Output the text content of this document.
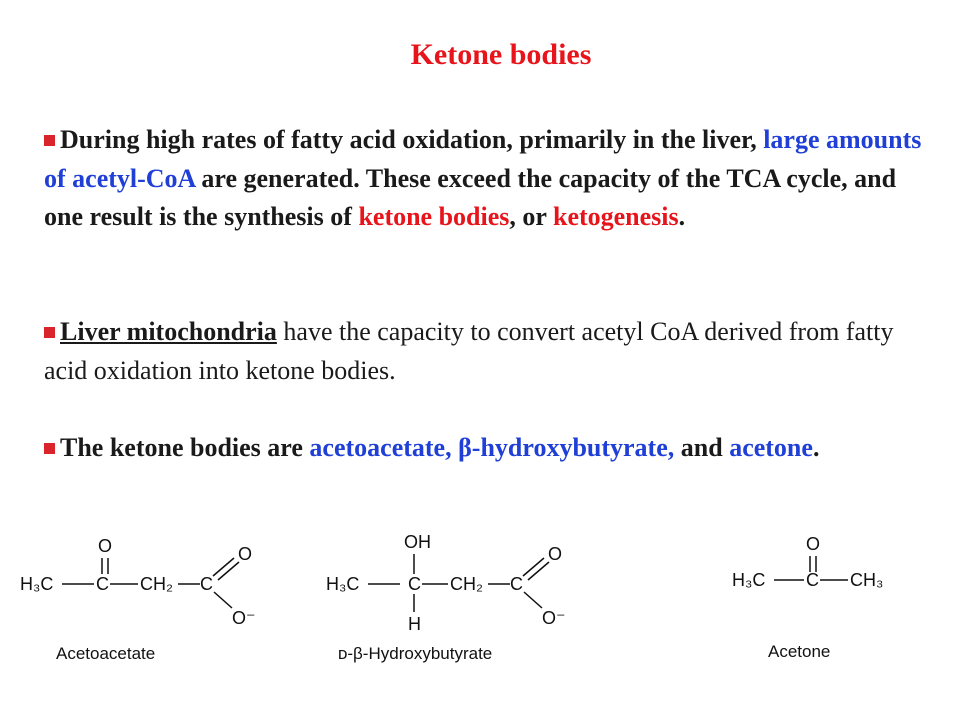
Ketone bodies
During high rates of fatty acid oxidation, primarily in the liver, large amounts of acetyl-CoA are generated. These exceed the capacity of the TCA cycle, and one result is the synthesis of ketone bodies, or ketogenesis.
Liver mitochondria have the capacity to convert acetyl CoA derived from fatty acid oxidation into ketone bodies.
The ketone bodies are acetoacetate, β-hydroxybutyrate, and acetone.
O
H₃C C CH₂ C
O
O⁻
OH
H₃C	C CH₂ C
H
O
O⁻
O
H₃C C CH₃
Acetoacetate	ᴅ-β-Hydroxybutyrate	Acetone
